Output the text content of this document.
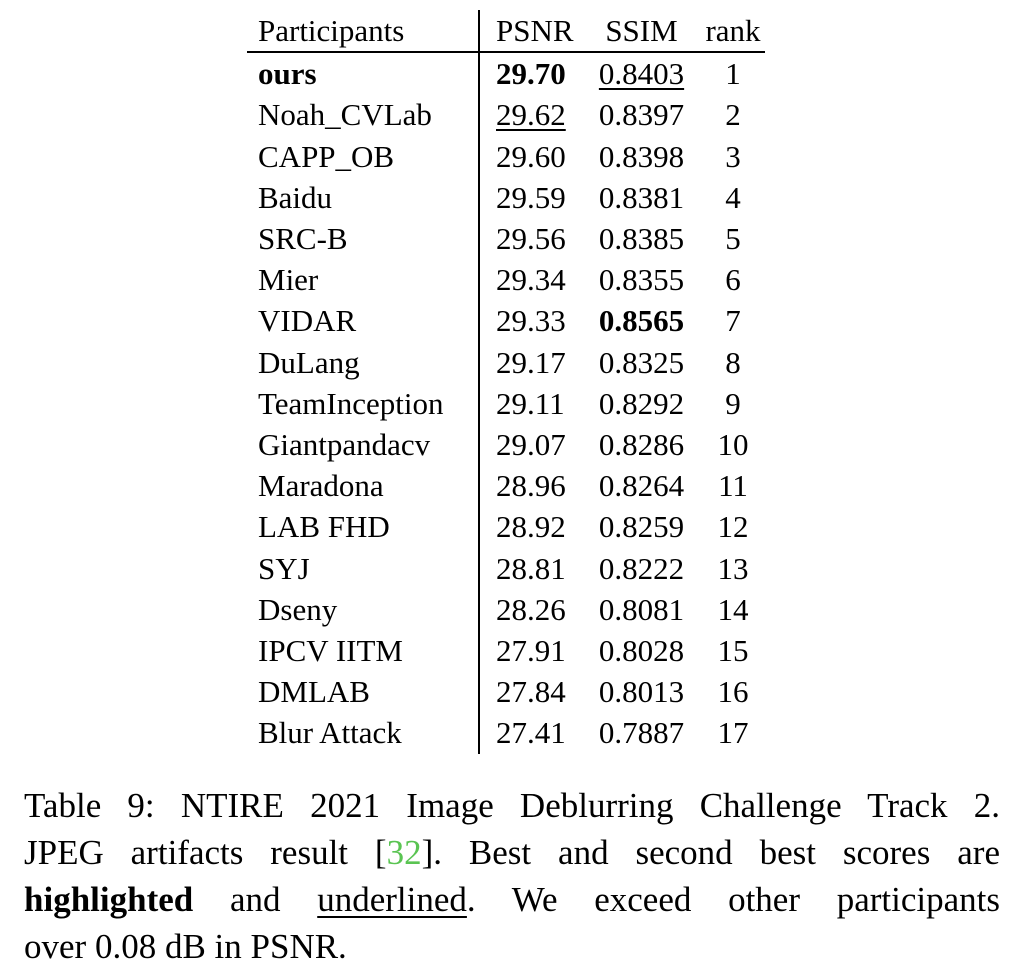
Participants	PSNR	SSIM	rank
ours	29.70	0.8403	1
Noah_CVLab	29.62	0.8397	2
CAPP_OB	29.60	0.8398	3
Baidu	29.59	0.8381	4
SRC-B	29.56	0.8385	5
Mier	29.34	0.8355	6
VIDAR	29.33	0.8565	7
DuLang	29.17	0.8325	8
TeamInception	29.11	0.8292	9
Giantpandacv	29.07	0.8286	10
Maradona	28.96	0.8264	11
LAB FHD	28.92	0.8259	12
SYJ	28.81	0.8222	13
Dseny	28.26	0.8081	14
IPCV IITM	27.91	0.8028	15
DMLAB	27.84	0.8013	16
Blur Attack	27.41	0.7887	17

Table 9: NTIRE 2021 Image Deblurring Challenge Track 2.
JPEG artifacts result [32]. Best and second best scores are
highlighted and underlined. We exceed other participants
over 0.08 dB in PSNR.
